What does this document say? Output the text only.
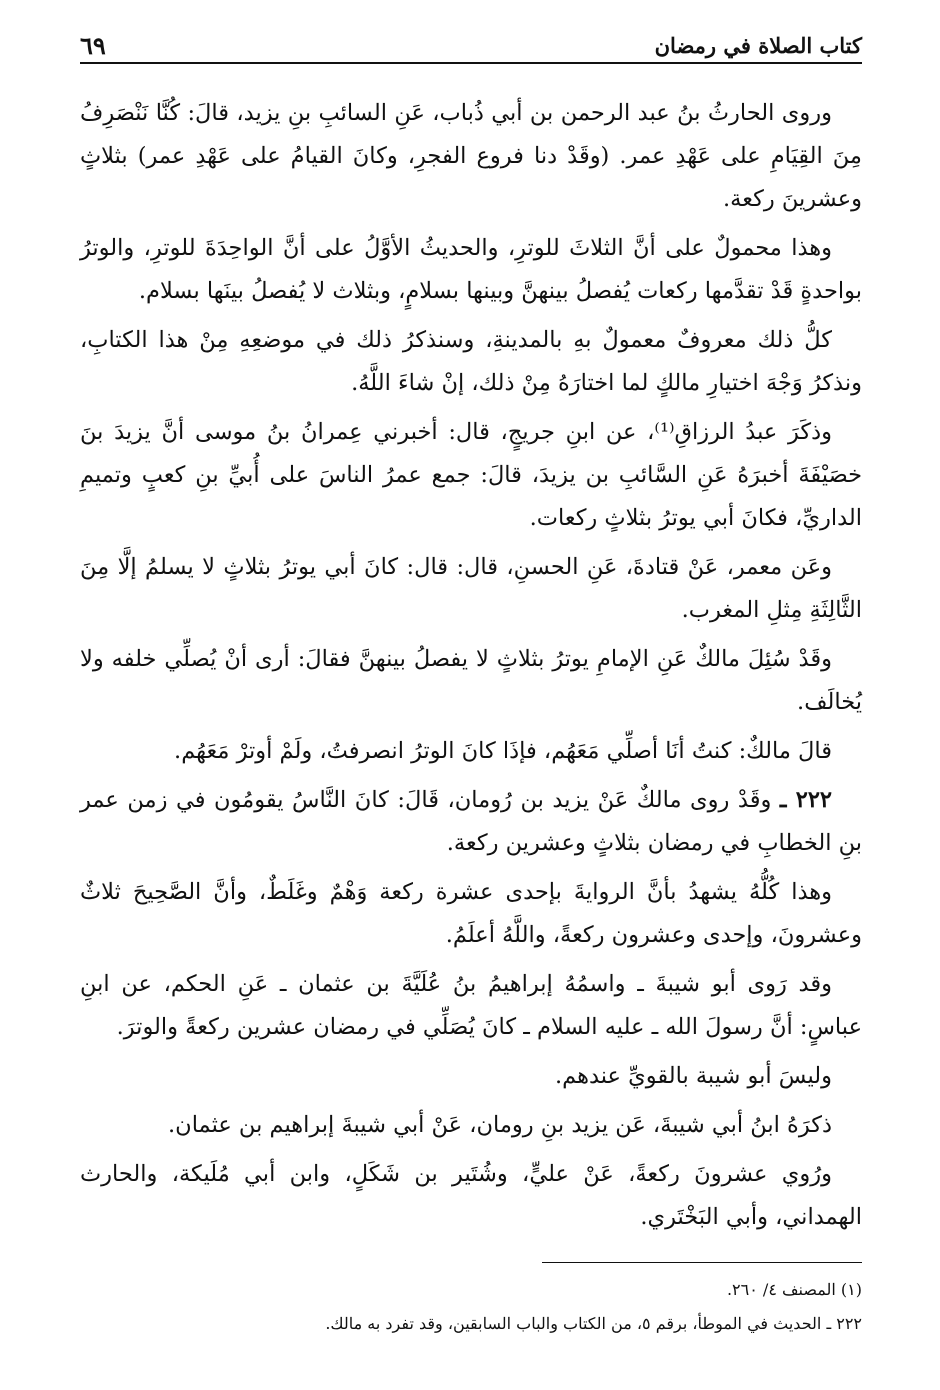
كتاب الصلاة في رمضان
٦٩

وروى الحارثُ بنُ عبد الرحمن بن أبي ذُباب، عَنِ السائبِ بنِ يزيد، قالَ: كُنَّا نَنْصَرِفُ مِنَ القِيَامِ على عَهْدِ عمر. (وقَدْ دنا فروع الفجرِ، وكانَ القيامُ على عَهْدِ عمر) بثلاثٍ وعشرينَ ركعة.

وهذا محمولٌ على أنَّ الثلاثَ للوترِ، والحديثُ الأوَّلُ على أنَّ الواحِدَةَ للوترِ، والوترُ بواحدةٍ قَدْ تقدَّمها ركعات يُفصلُ بينهنَّ وبينها بسلامٍ، وبثلاث لا يُفصلُ بينَها بسلام.

كلُّ ذلك معروفٌ معمولٌ بهِ بالمدينةِ، وسنذكرُ ذلك في موضعِهِ مِنْ هذا الكتابِ، ونذكرُ وَجْهَ اختيارِ مالكٍ لما اختارَهُ مِنْ ذلك، إنْ شاءَ اللَّهُ.

وذكَرَ عبدُ الرزاقِ⁽¹⁾، عن ابنِ جريجٍ، قال: أخبرني عِمرانُ بنُ موسى أنَّ يزيدَ بنَ خصَيْفَةَ أخبرَهُ عَنِ السَّائبِ بن يزيدَ، قالَ: جمع عمرُ الناسَ على أُبيِّ بنِ كعبٍ وتميمِ الداريِّ، فكانَ أبي يوترُ بثلاثٍ ركعات.

وعَن معمر، عَنْ قتادةَ، عَنِ الحسنِ، قال: قال: كانَ أبي يوترُ بثلاثٍ لا يسلمُ إلَّا مِنَ الثَّالِثَةِ مِثلِ المغرب.

وقَدْ سُئِلَ مالكٌ عَنِ الإمامِ يوترُ بثلاثٍ لا يفصلُ بينهنَّ فقالَ: أرى أنْ يُصلِّي خلفه ولا يُخالَف.

قالَ مالكٌ: كنتُ أنَا أصلِّي مَعَهُم، فإذَا كانَ الوترُ انصرفتُ، ولَمْ أوترْ مَعَهُم.

٢٢٢ ـ وقَدْ روى مالكٌ عَنْ يزيد بن رُومان، قَالَ: كانَ النَّاسُ يقومُون في زمن عمر بنِ الخطابِ في رمضان بثلاثٍ وعشرين ركعة.

وهذا كُلُّهُ يشهدُ بأنَّ الروايةَ بإحدى عشرة ركعة وَهْمٌ وغَلَطٌ، وأنَّ الصَّحِيحَ ثلاثٌ وعشرونَ، وإحدى وعشرون ركعةً، واللَّهُ أعلَمُ.

وقد رَوى أبو شيبةَ ـ واسمُهُ إبراهيمُ بنُ عُلَيَّةَ بن عثمان ـ عَنِ الحكم، عن ابنِ عباسٍ: أنَّ رسولَ الله ـ عليه السلام ـ كانَ يُصَلِّي في رمضان عشرين ركعةً والوترَ.

وليسَ أبو شيبة بالقويِّ عندهم.

ذكرَهُ ابنُ أبي شيبةَ، عَن يزيد بنِ رومان، عَنْ أبي شيبةَ إبراهيم بن عثمان.

ورُوي عشرونَ ركعةً، عَنْ عليٍّ، وشُتَير بن شَكَلٍ، وابن أبي مُلَيكة، والحارث الهمداني، وأبي البَخْتَري.

(١) المصنف ٤/ ٢٦٠.

٢٢٢ ـ الحديث في الموطأ، برقم ٥، من الكتاب والباب السابقين، وقد تفرد به مالك.
